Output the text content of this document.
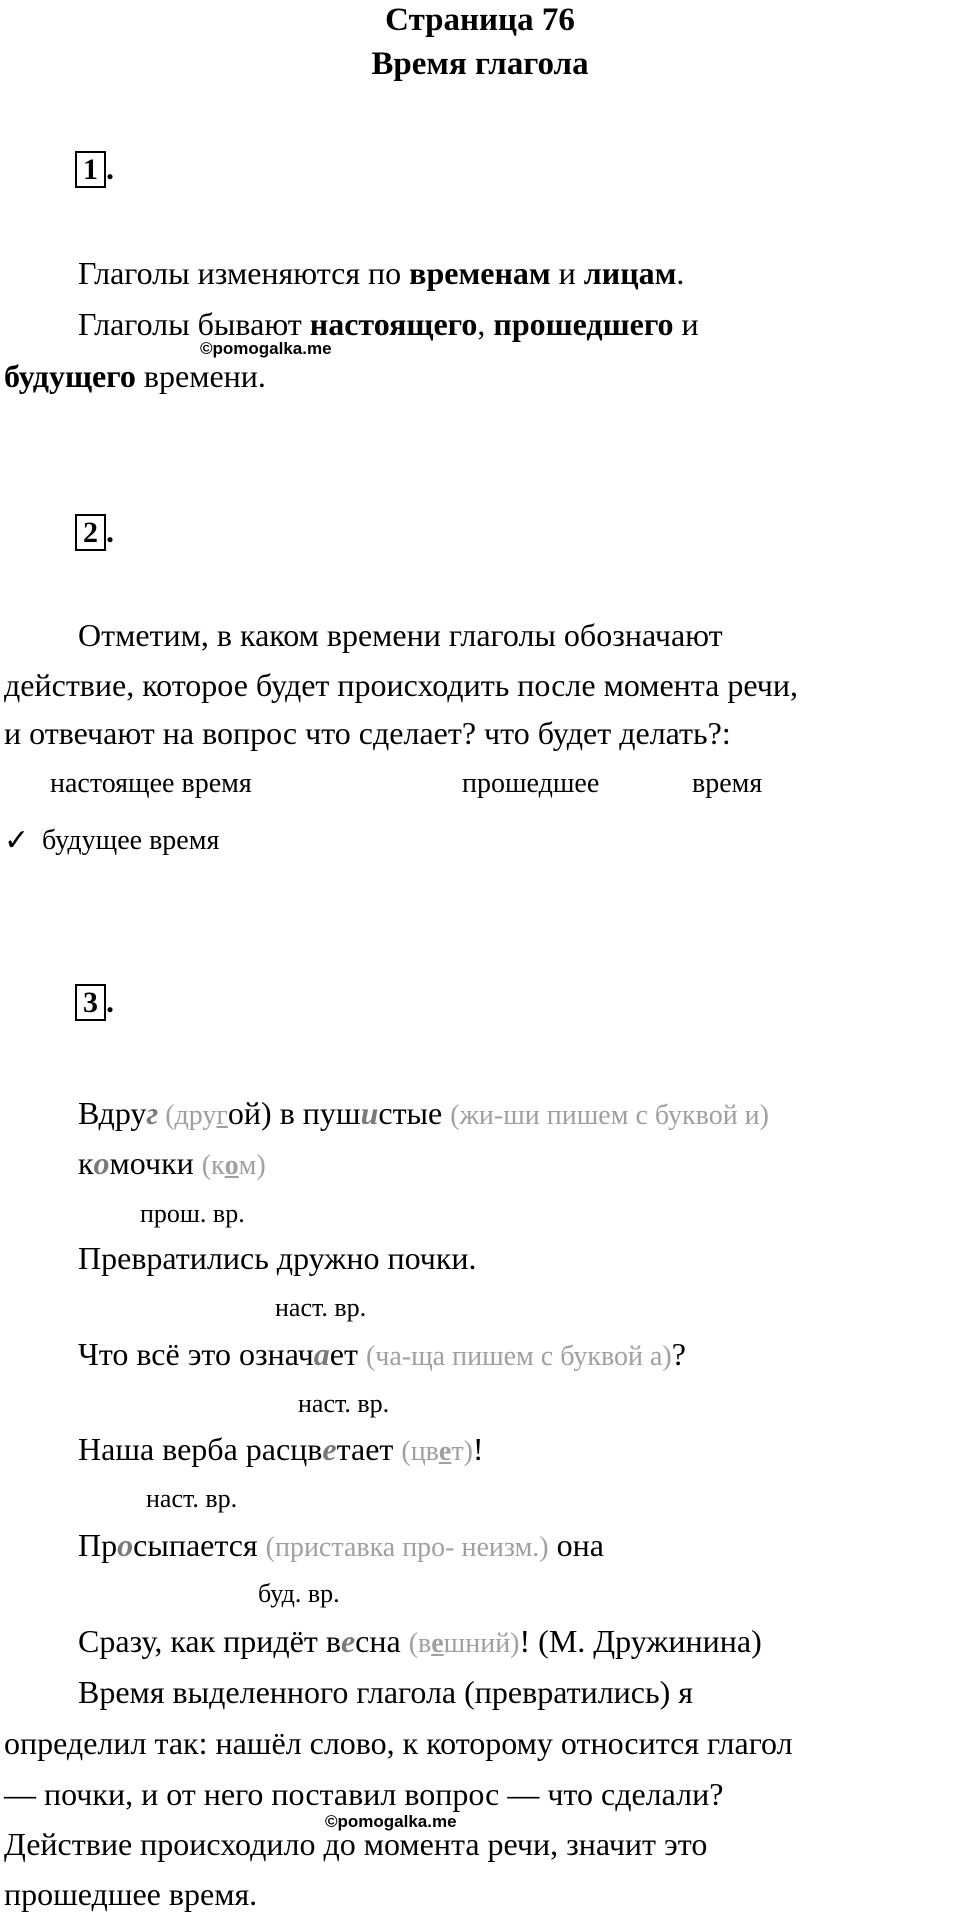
Страница 76
Время глагола
1 .
Глаголы изменяются по временам и лицам.
Глаголы бывают настоящего, прошедшего и
©pomogalka.me
будущего времени.
2 .
Отметим, в каком времени глаголы обозначают
действие, которое будет происходить после момента речи,
и отвечают на вопрос что сделает? что будет делать?:
настоящее время	прошедшее	время
✓ будущее время
3 .
Вдруг (другой) в пушистые (жи-ши пишем с буквой и)
комочки (ком)
прош. вр.
Превратились дружно почки.
наст. вр.
Что всё это означает (ча-ща пишем с буквой а)?
наст. вр.
Наша верба расцветает (цвет)!
наст. вр.
Просыпается (приставка про- неизм.) она
буд. вр.
Сразу, как придёт весна (вешний)! (М. Дружинина)
Время выделенного глагола (превратились) я
определил так: нашёл слово, к которому относится глагол
— почки, и от него поставил вопрос — что сделали?
©pomogalka.me
Действие происходило до момента речи, значит это
прошедшее время.
